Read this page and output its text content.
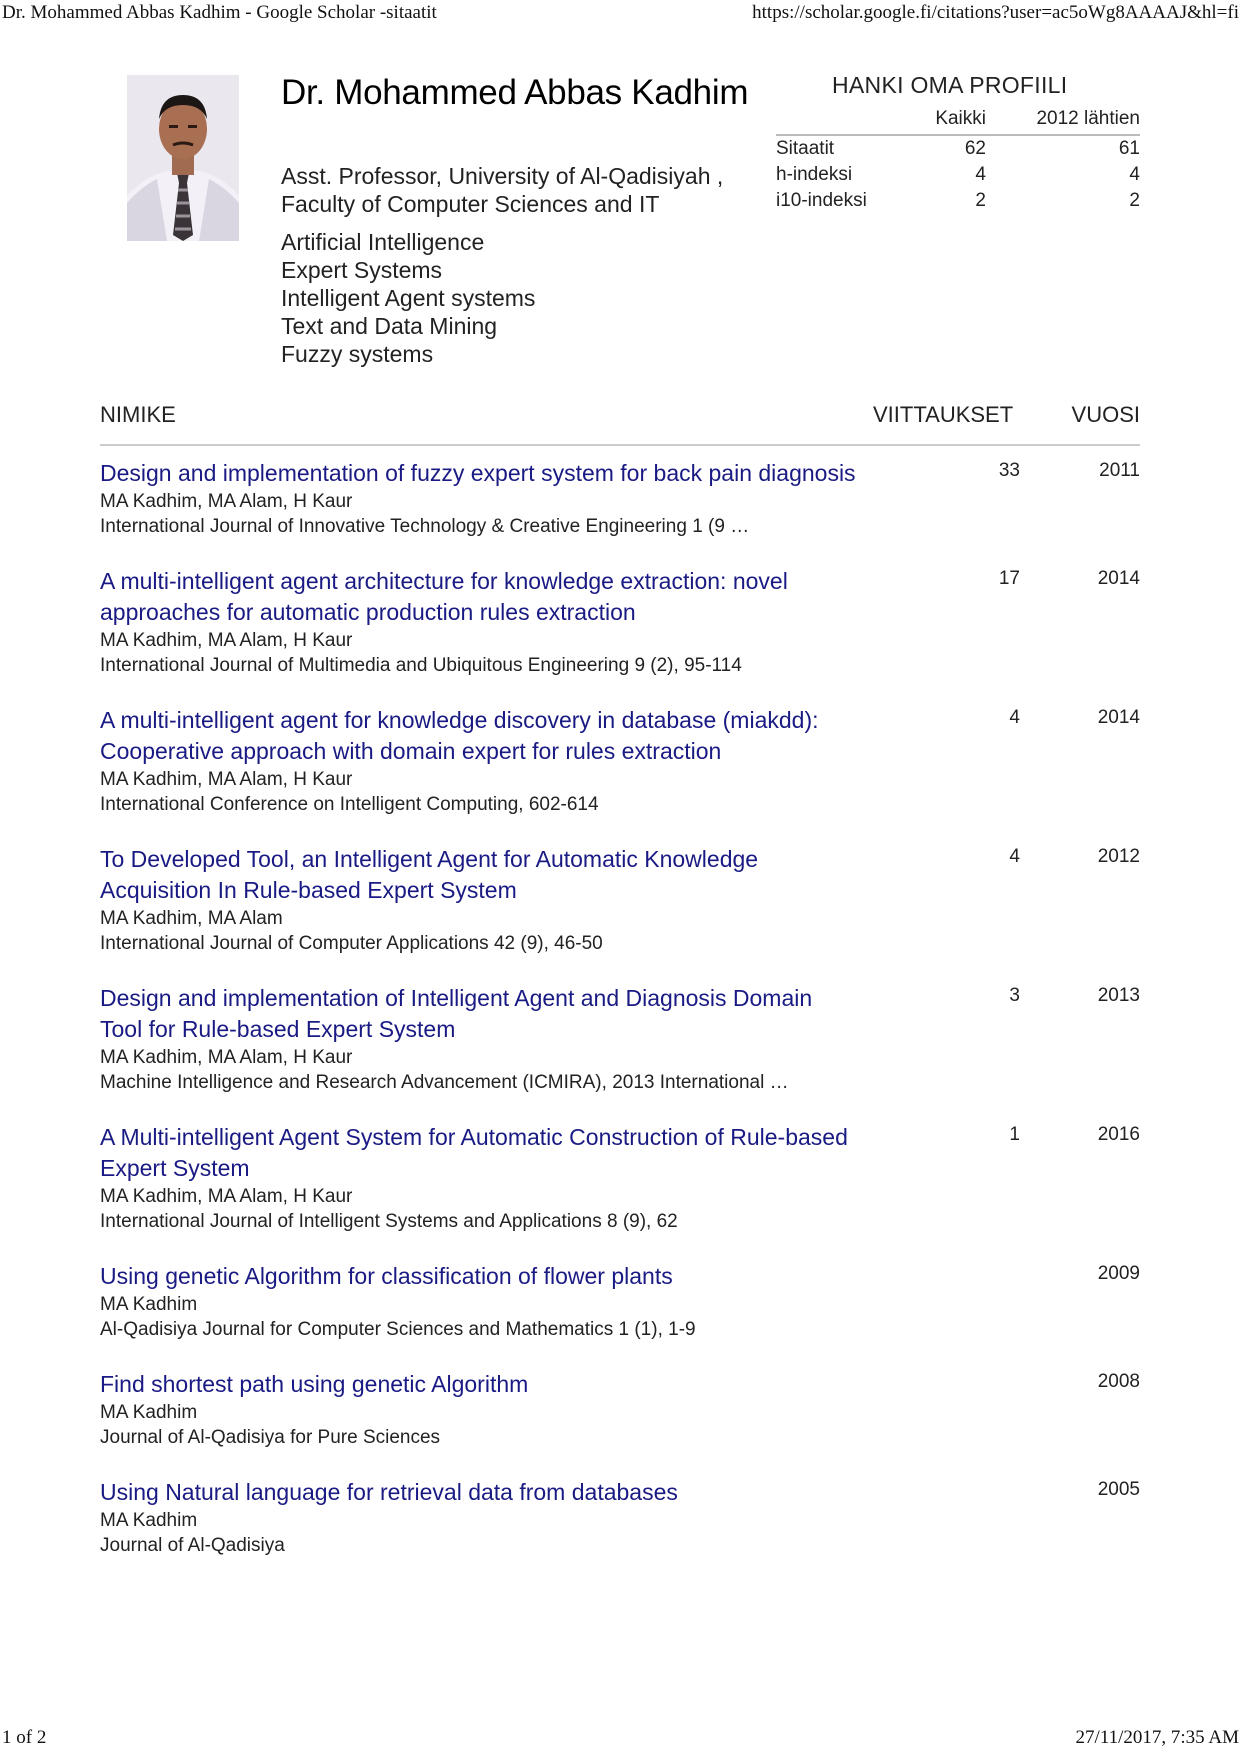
Dr. Mohammed Abbas Kadhim - Google Scholar -sitaatit	https://scholar.google.fi/citations?user=ac5oWg8AAAAJ&hl=fi
Dr. Mohammed Abbas Kadhim
Asst. Professor, University of Al-Qadisiyah , Faculty of Computer Sciences and IT
Artificial Intelligence
Expert Systems
Intelligent Agent systems
Text and Data Mining
Fuzzy systems
HANKI OMA PROFIILI
Kaikki	2012 lähtien
Sitaatit	62	61
h-indeksi	4	4
i10-indeksi	2	2
NIMIKE	VIITTAUKSET	VUOSI
Design and implementation of fuzzy expert system for back pain diagnosis
MA Kadhim, MA Alam, H Kaur
International Journal of Innovative Technology & Creative Engineering 1 (9 …
33	2011
A multi-intelligent agent architecture for knowledge extraction: novel approaches for automatic production rules extraction
MA Kadhim, MA Alam, H Kaur
International Journal of Multimedia and Ubiquitous Engineering 9 (2), 95-114
17	2014
A multi-intelligent agent for knowledge discovery in database (miakdd): Cooperative approach with domain expert for rules extraction
MA Kadhim, MA Alam, H Kaur
International Conference on Intelligent Computing, 602-614
4	2014
To Developed Tool, an Intelligent Agent for Automatic Knowledge Acquisition In Rule-based Expert System
MA Kadhim, MA Alam
International Journal of Computer Applications 42 (9), 46-50
4	2012
Design and implementation of Intelligent Agent and Diagnosis Domain Tool for Rule-based Expert System
MA Kadhim, MA Alam, H Kaur
Machine Intelligence and Research Advancement (ICMIRA), 2013 International …
3	2013
A Multi-intelligent Agent System for Automatic Construction of Rule-based Expert System
MA Kadhim, MA Alam, H Kaur
International Journal of Intelligent Systems and Applications 8 (9), 62
1	2016
Using genetic Algorithm for classification of flower plants
MA Kadhim
Al-Qadisiya Journal for Computer Sciences and Mathematics 1 (1), 1-9
2009
Find shortest path using genetic Algorithm
MA Kadhim
Journal of Al-Qadisiya for Pure Sciences
2008
Using Natural language for retrieval data from databases
MA Kadhim
Journal of Al-Qadisiya
2005
1 of 2	27/11/2017, 7:35 AM
